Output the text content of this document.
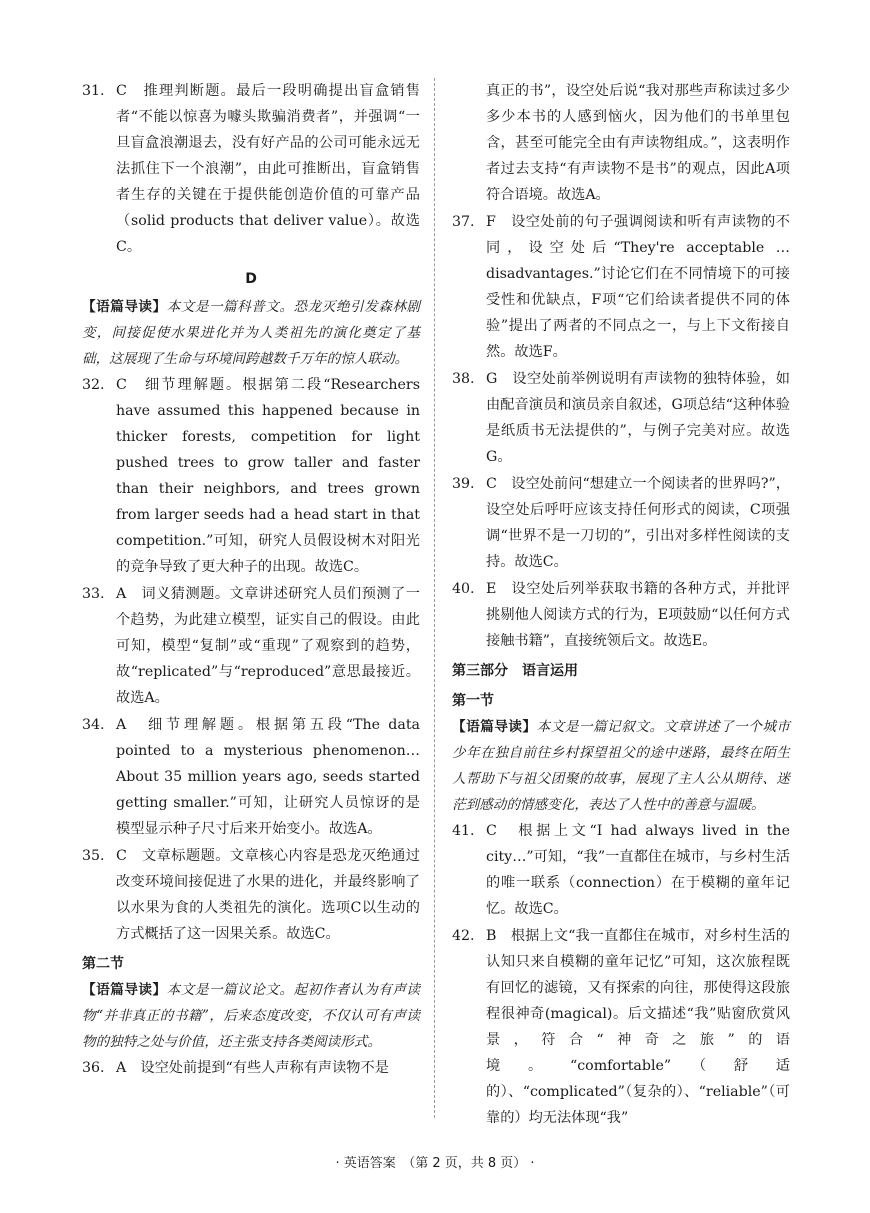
31. C　推理判断题。最后一段明确提出盲盒销售者“不能以惊喜为噱头欺骗消费者”，并强调“一旦盲盒浪潮退去，没有好产品的公司可能永远无法抓住下一个浪潮”，由此可推断出，盲盒销售者生存的关键在于提供能创造价值的可靠产品（solid products that deliver value）。故选C。
D
【语篇导读】本文是一篇科普文。恐龙灭绝引发森林剧变，间接促使水果进化并为人类祖先的演化奠定了基础，这展现了生命与环境间跨越数千万年的惊人联动。
32. C　细节理解题。根据第二段“Researchers have assumed this happened because in thicker forests, competition for light pushed trees to grow taller and faster than their neighbors, and trees grown from larger seeds had a head start in that competition.”可知，研究人员假设树木对阳光的竞争导致了更大种子的出现。故选C。
33. A　词义猜测题。文章讲述研究人员们预测了一个趋势，为此建立模型，证实自己的假设。由此可知，模型“复制”或“重现”了观察到的趋势，故“replicated”与“reproduced”意思最接近。故选A。
34. A　细节理解题。根据第五段“The data pointed to a mysterious phenomenon… About 35 million years ago, seeds started getting smaller.”可知，让研究人员惊讶的是模型显示种子尺寸后来开始变小。故选A。
35. C　文章标题题。文章核心内容是恐龙灭绝通过改变环境间接促进了水果的进化，并最终影响了以水果为食的人类祖先的演化。选项C以生动的方式概括了这一因果关系。故选C。
第二节
【语篇导读】本文是一篇议论文。起初作者认为有声读物“并非真正的书籍”，后来态度改变，不仅认可有声读物的独特之处与价值，还主张支持各类阅读形式。
36. A　设空处前提到“有些人声称有声读物不是
真正的书”，设空处后说“我对那些声称读过多少多少本书的人感到恼火，因为他们的书单里包含，甚至可能完全由有声读物组成。”，这表明作者过去支持“有声读物不是书”的观点，因此A项符合语境。故选A。
37. F　设空处前的句子强调阅读和听有声读物的不同，设空处后“They're acceptable … disadvantages.”讨论它们在不同情境下的可接受性和优缺点，F项“它们给读者提供不同的体验”提出了两者的不同点之一，与上下文衔接自然。故选F。
38. G　设空处前举例说明有声读物的独特体验，如由配音演员和演员亲自叙述，G项总结“这种体验是纸质书无法提供的”，与例子完美对应。故选G。
39. C　设空处前问“想建立一个阅读者的世界吗?”，设空处后呼吁应该支持任何形式的阅读，C项强调“世界不是一刀切的”，引出对多样性阅读的支持。故选C。
40. E　设空处后列举获取书籍的各种方式，并批评挑剔他人阅读方式的行为，E项鼓励“以任何方式接触书籍”，直接统领后文。故选E。
第三部分　语言运用
第一节
【语篇导读】本文是一篇记叙文。文章讲述了一个城市少年在独自前往乡村探望祖父的途中迷路，最终在陌生人帮助下与祖父团聚的故事，展现了主人公从期待、迷茫到感动的情感变化，表达了人性中的善意与温暖。
41. C　根据上文“I had always lived in the city…”可知，“我”一直都住在城市，与乡村生活的唯一联系（connection）在于模糊的童年记忆。故选C。
42. B　根据上文“我一直都住在城市，对乡村生活的认知只来自模糊的童年记忆”可知，这次旅程既有回忆的滤镜，又有探索的向往，那使得这段旅程很神奇(magical)。后文描述“我”贴窗欣赏风景，符合“神奇之旅”的语境。“comfortable”（舒适的）、“complicated”（复杂的）、“reliable”（可靠的）均无法体现“我”
· 英语答案　（第 2 页，共 8 页） ·
